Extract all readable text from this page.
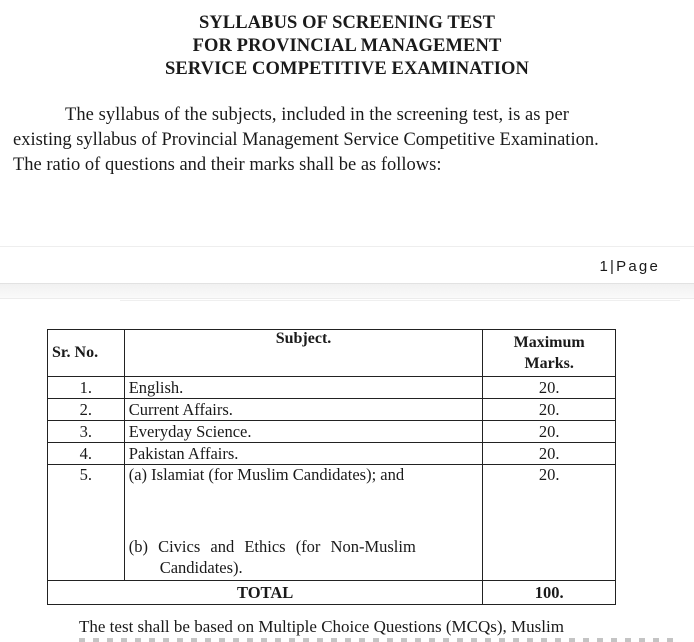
SYLLABUS OF SCREENING TEST
FOR PROVINCIAL MANAGEMENT
SERVICE COMPETITIVE EXAMINATION
The syllabus of the subjects, included in the screening test, is as per
existing syllabus of Provincial Management Service Competitive Examination.
The ratio of questions and their marks shall be as follows:
1|Page
Sr. No.	Subject.	Maximum
Marks.

1.	English.	20.
2.	Current Affairs.	20.
3.	Everyday Science.	20.
4.	Pakistan Affairs.	20.
5.	(a) Islamiat (for Muslim Candidates); and
(b) Civics and Ethics (for Non-Muslim
Candidates).	20.
TOTAL		100.
The test shall be based on Multiple Choice Questions (MCQs), Muslim
